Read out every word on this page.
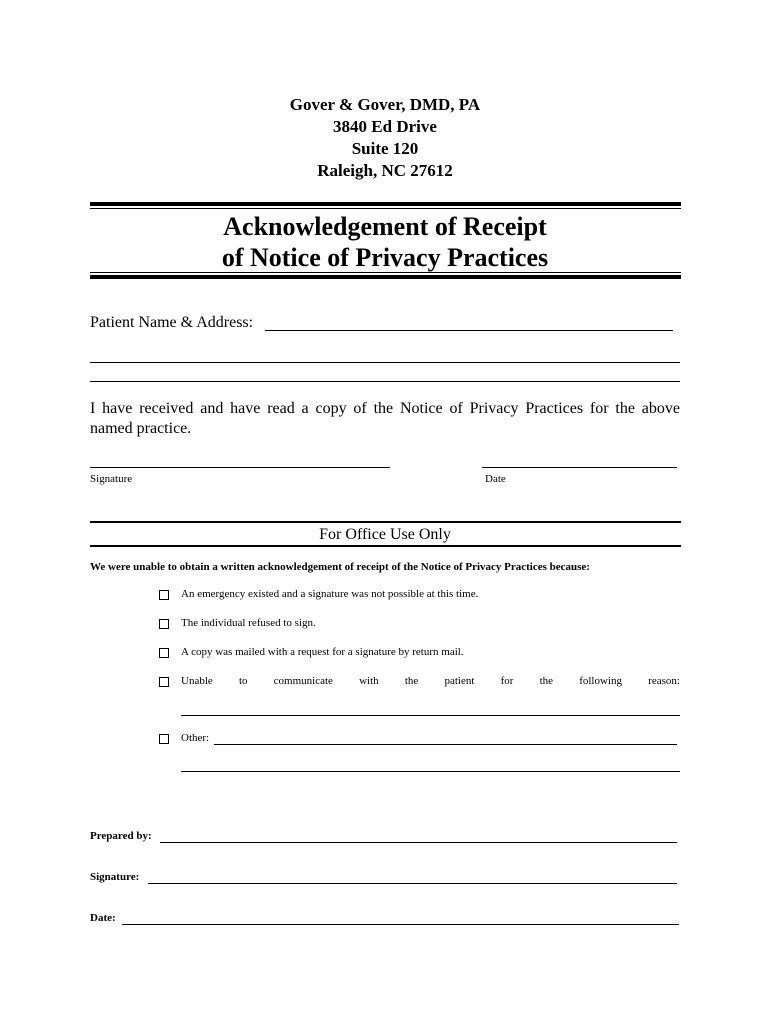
Gover & Gover, DMD, PA
3840 Ed Drive
Suite 120
Raleigh, NC 27612
Acknowledgement of Receipt
of Notice of Privacy Practices
Patient Name & Address:
I have received and have read a copy of the Notice of Privacy Practices for the above
named practice.
Signature	Date
For Office Use Only
We were unable to obtain a written acknowledgement of receipt of the Notice of Privacy Practices because:
An emergency existed and a signature was not possible at this time.
The individual refused to sign.
A copy was mailed with a request for a signature by return mail.
Unable to communicate with the patient for the following reason:
Other:
Prepared by:
Signature:
Date:
